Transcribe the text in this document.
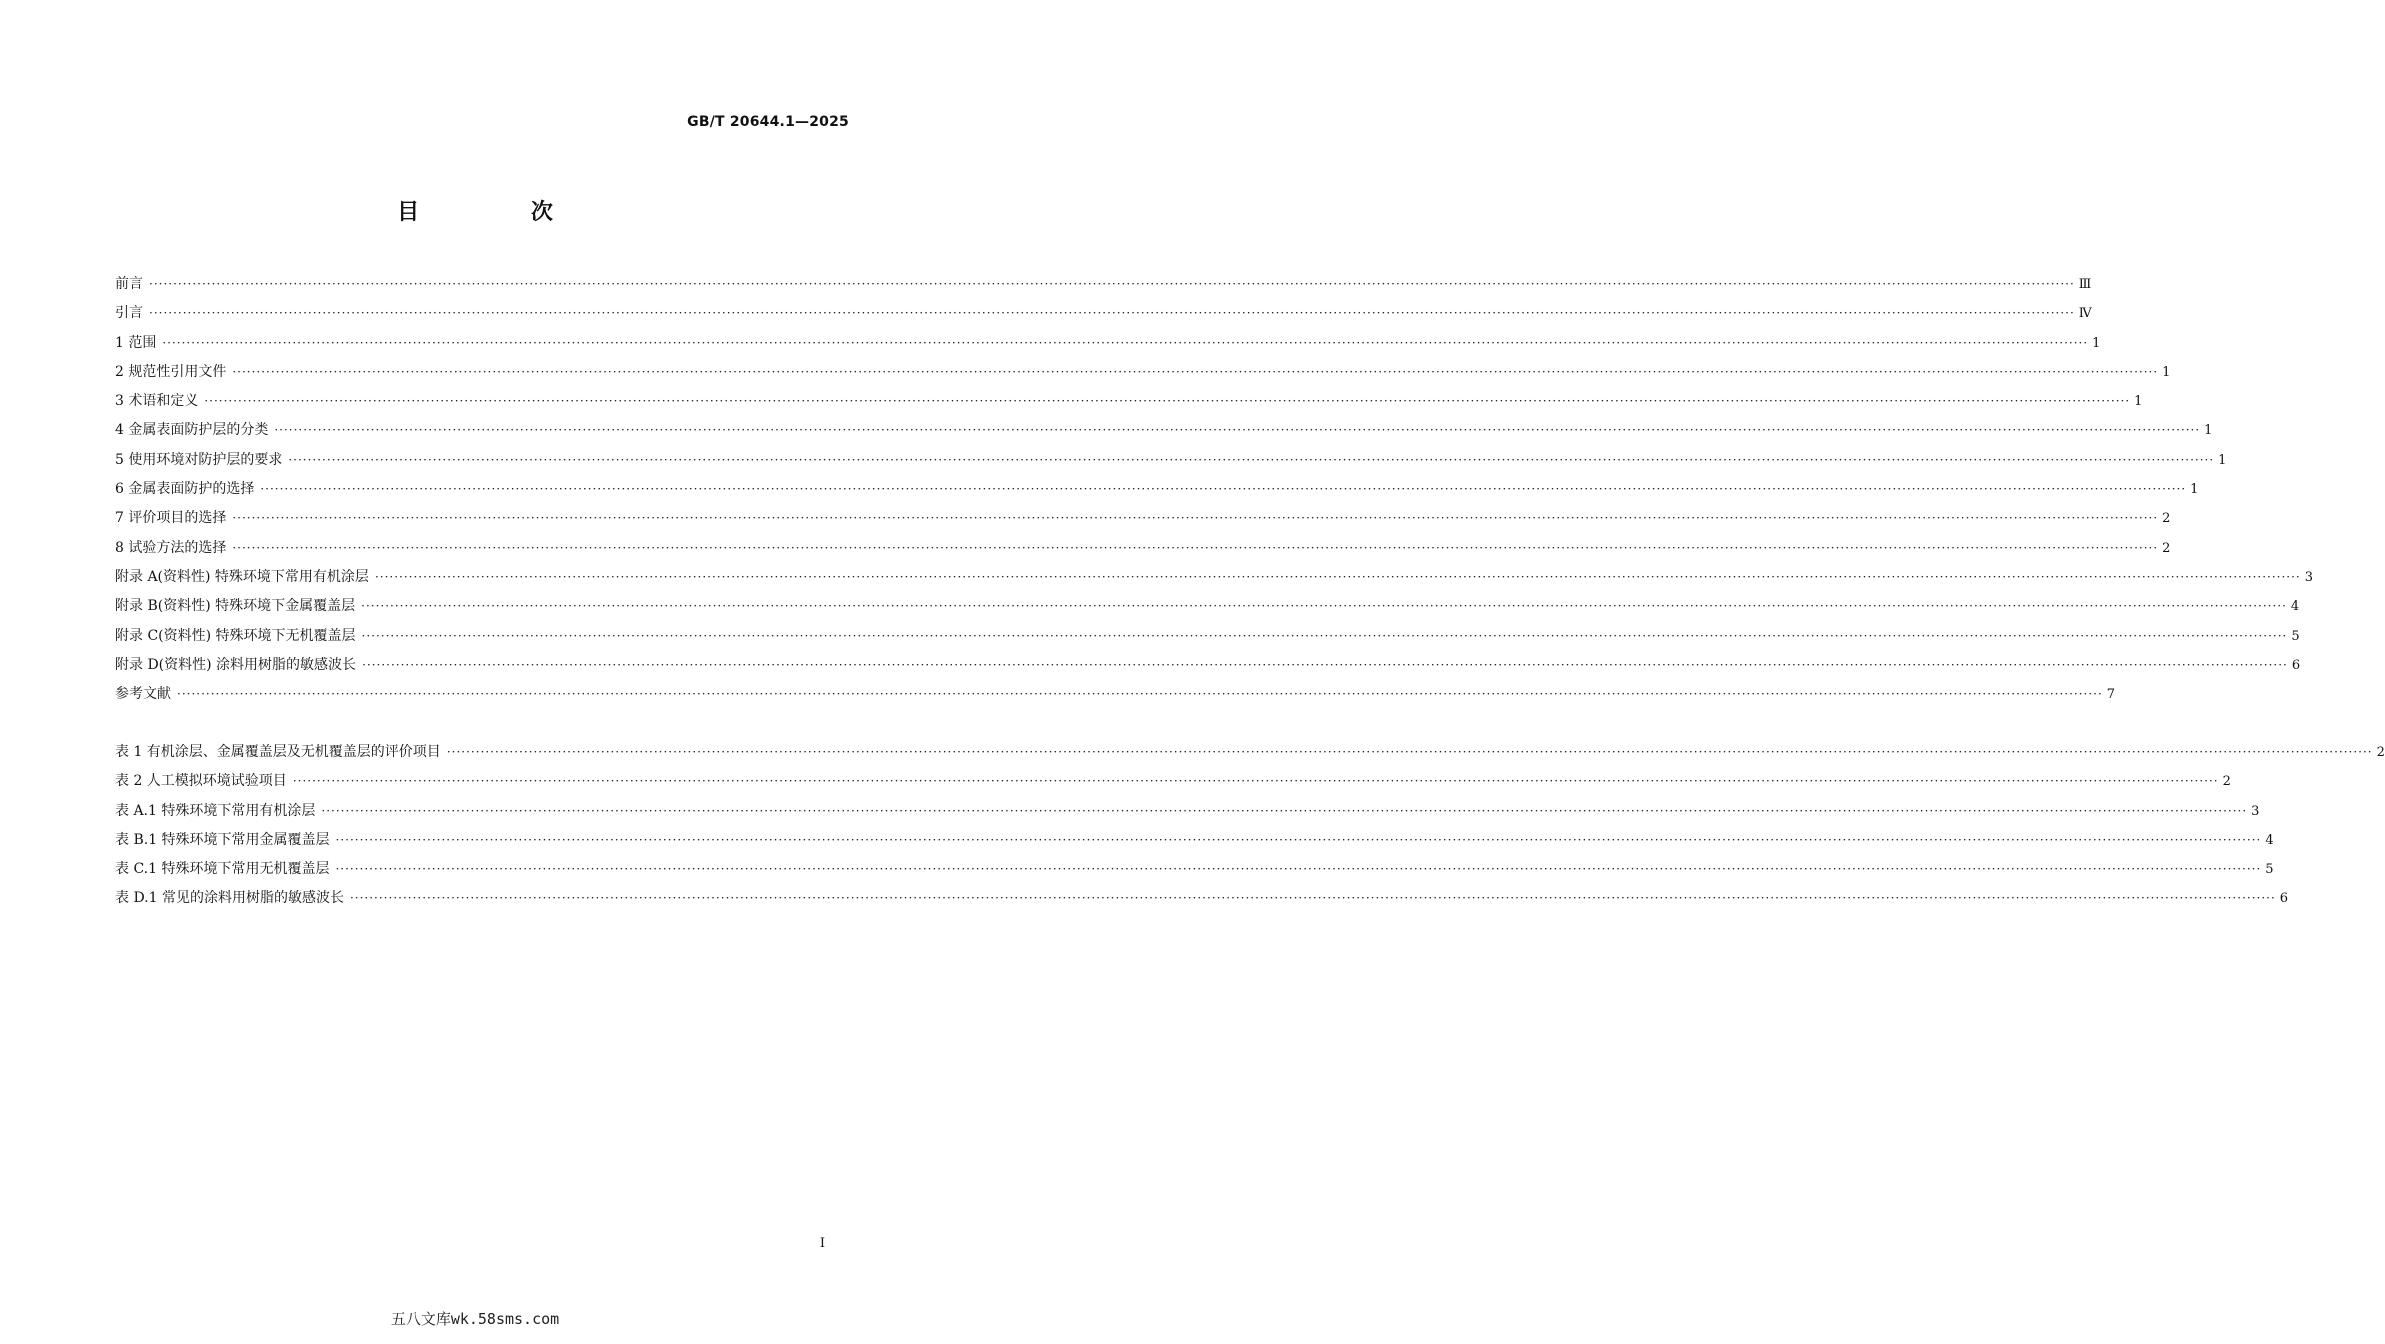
GB/T 20644.1—2025
目 次
前言 ················································································································································································································································································································································································································ Ⅲ
引言 ················································································································································································································································································································································································································ Ⅳ
1 范围 ················································································································································································································································································································································································································ 1
2 规范性引用文件 ················································································································································································································································································································································································································ 1
3 术语和定义 ················································································································································································································································································································································································································ 1
4 金属表面防护层的分类 ················································································································································································································································································································································································································ 1
5 使用环境对防护层的要求 ················································································································································································································································································································································································································ 1
6 金属表面防护的选择 ················································································································································································································································································································································································································ 1
7 评价项目的选择 ················································································································································································································································································································································································································ 2
8 试验方法的选择 ················································································································································································································································································································································································································ 2
附录 A(资料性) 特殊环境下常用有机涂层 ················································································································································································································································································································································································································ 3
附录 B(资料性) 特殊环境下金属覆盖层 ················································································································································································································································································································································································································ 4
附录 C(资料性) 特殊环境下无机覆盖层 ················································································································································································································································································································································································································ 5
附录 D(资料性) 涂料用树脂的敏感波长 ················································································································································································································································································································································································································ 6
参考文献 ················································································································································································································································································································································································································ 7
表 1 有机涂层、金属覆盖层及无机覆盖层的评价项目 ················································································································································································································································································································································································································ 2
表 2 人工模拟环境试验项目 ················································································································································································································································································································································································································ 2
表 A.1 特殊环境下常用有机涂层 ················································································································································································································································································································································································································ 3
表 B.1 特殊环境下常用金属覆盖层 ················································································································································································································································································································································································································ 4
表 C.1 特殊环境下常用无机覆盖层 ················································································································································································································································································································································································································ 5
表 D.1 常见的涂料用树脂的敏感波长 ················································································································································································································································································································································································································ 6
I
五八文库wk.58sms.com
